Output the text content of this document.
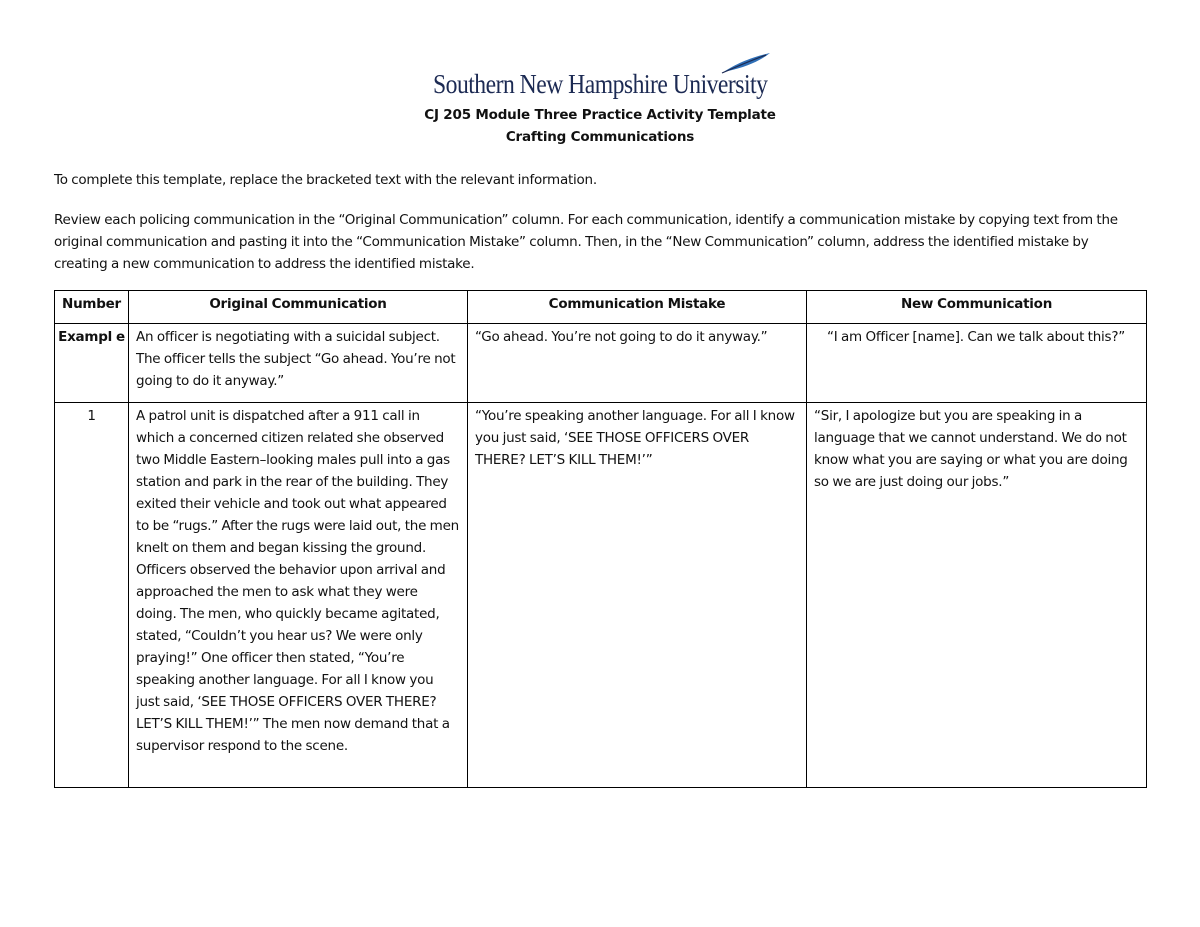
Southern New Hampshire University
CJ 205 Module Three Practice Activity Template
Crafting Communications
To complete this template, replace the bracketed text with the relevant information.
Review each policing communication in the “Original Communication” column. For each communication, identify a communication mistake by copying text from the original communication and pasting it into the “Communication Mistake” column. Then, in the “New Communication” column, address the identified mistake by creating a new communication to address the identified mistake.
Number	Original Communication	Communication Mistake	New Communication
Exampl e	An officer is negotiating with a suicidal subject. The officer tells the subject “Go ahead. You’re not going to do it anyway.”	“Go ahead. You’re not going to do it anyway.”	“I am Officer [name]. Can we talk about this?”
1	A patrol unit is dispatched after a 911 call in which a concerned citizen related she observed two Middle Eastern–looking males pull into a gas station and park in the rear of the building. They exited their vehicle and took out what appeared to be “rugs.” After the rugs were laid out, the men knelt on them and began kissing the ground. Officers observed the behavior upon arrival and approached the men to ask what they were doing. The men, who quickly became agitated, stated, “Couldn’t you hear us? We were only praying!” One officer then stated, “You’re speaking another language. For all I know you just said, ‘SEE THOSE OFFICERS OVER THERE? LET’S KILL THEM!’” The men now demand that a supervisor respond to the scene.	“You’re speaking another language. For all I know you just said, ‘SEE THOSE OFFICERS OVER THERE? LET’S KILL THEM!’”	“Sir, I apologize but you are speaking in a language that we cannot understand. We do not know what you are saying or what you are doing so we are just doing our jobs.”
